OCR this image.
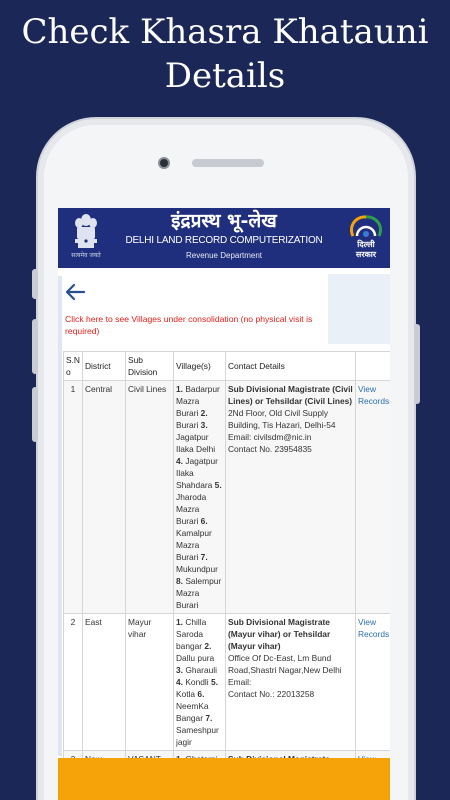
Check Khasra Khatauni
Details
सत्यमेव जयते
इंद्रप्रस्थ भू-लेख
DELHI LAND RECORD COMPUTERIZATION
Revenue Department
दिल्ली
सरकार
Click here to see Villages under consolidation (no physical visit is required)
S.No	District	Sub Division	Village(s)	Contact Details	
1	Central	Civil Lines	1. Badarpur Mazra Burari 2. Burari 3. Jagatpur Ilaka Delhi 4. Jagatpur Ilaka Shahdara 5. Jharoda Mazra Burari 6. Kamalpur Mazra Burari 7. Mukundpur 8. Salempur Mazra Burari	Sub Divisional Magistrate (Civil Lines) or Tehsildar (Civil Lines)
2Nd Floor, Old Civil Supply Building, Tis Hazari, Delhi-54
Email: civilsdm@nic.in
Contact No. 23954835	View Records
2	East	Mayur vihar	1. Chilla Saroda bangar 2. Dallu pura 3. Gharauli 4. Kondli 5. Kotla 6. NeemKa Bangar 7. Sameshpur jagir	Sub Divisional Magistrate (Mayur vihar) or Tehsildar (Mayur vihar)
Office Of Dc-East, Lm Bund Road,Shastri Nagar,New Delhi
Email:
Contact No.: 22013258	View Records
